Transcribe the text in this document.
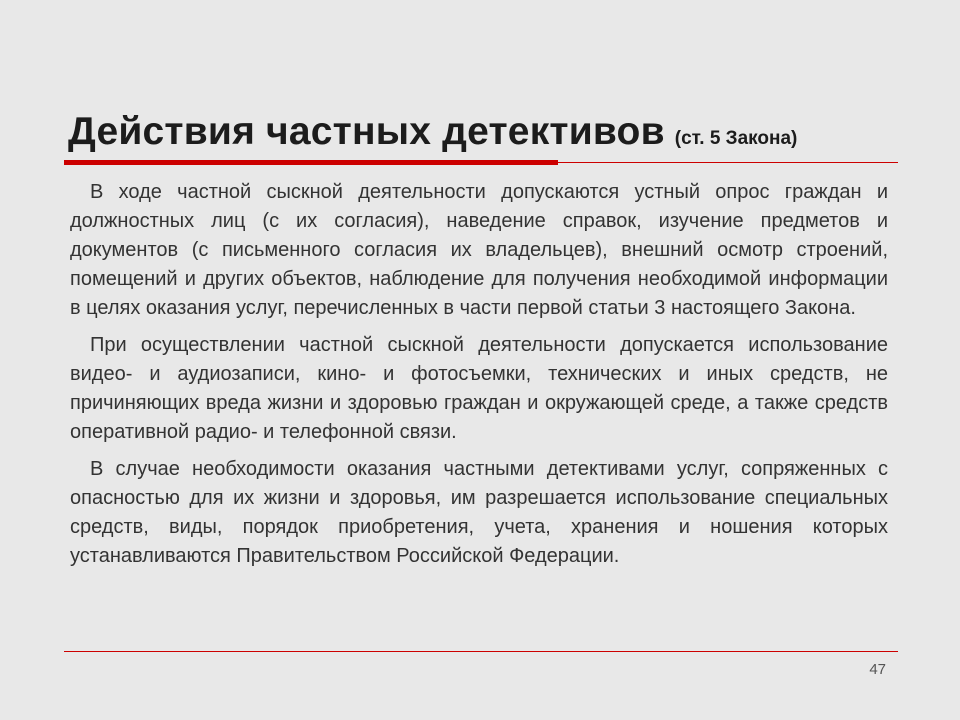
Действия частных детективов (ст. 5 Закона)

В ходе частной сыскной деятельности допускаются устный опрос граждан и должностных лиц (с их согласия), наведение справок, изучение предметов и документов (с письменного согласия их владельцев), внешний осмотр строений, помещений и других объектов, наблюдение для получения необходимой информации в целях оказания услуг, перечисленных в части первой статьи 3 настоящего Закона.

При осуществлении частной сыскной деятельности допускается использование видео- и аудиозаписи, кино- и фотосъемки, технических и иных средств, не причиняющих вреда жизни и здоровью граждан и окружающей среде, а также средств оперативной радио- и телефонной связи.

В случае необходимости оказания частными детективами услуг, сопряженных с опасностью для их жизни и здоровья, им разрешается использование специальных средств, виды, порядок приобретения, учета, хранения и ношения которых устанавливаются Правительством Российской Федерации.

47
